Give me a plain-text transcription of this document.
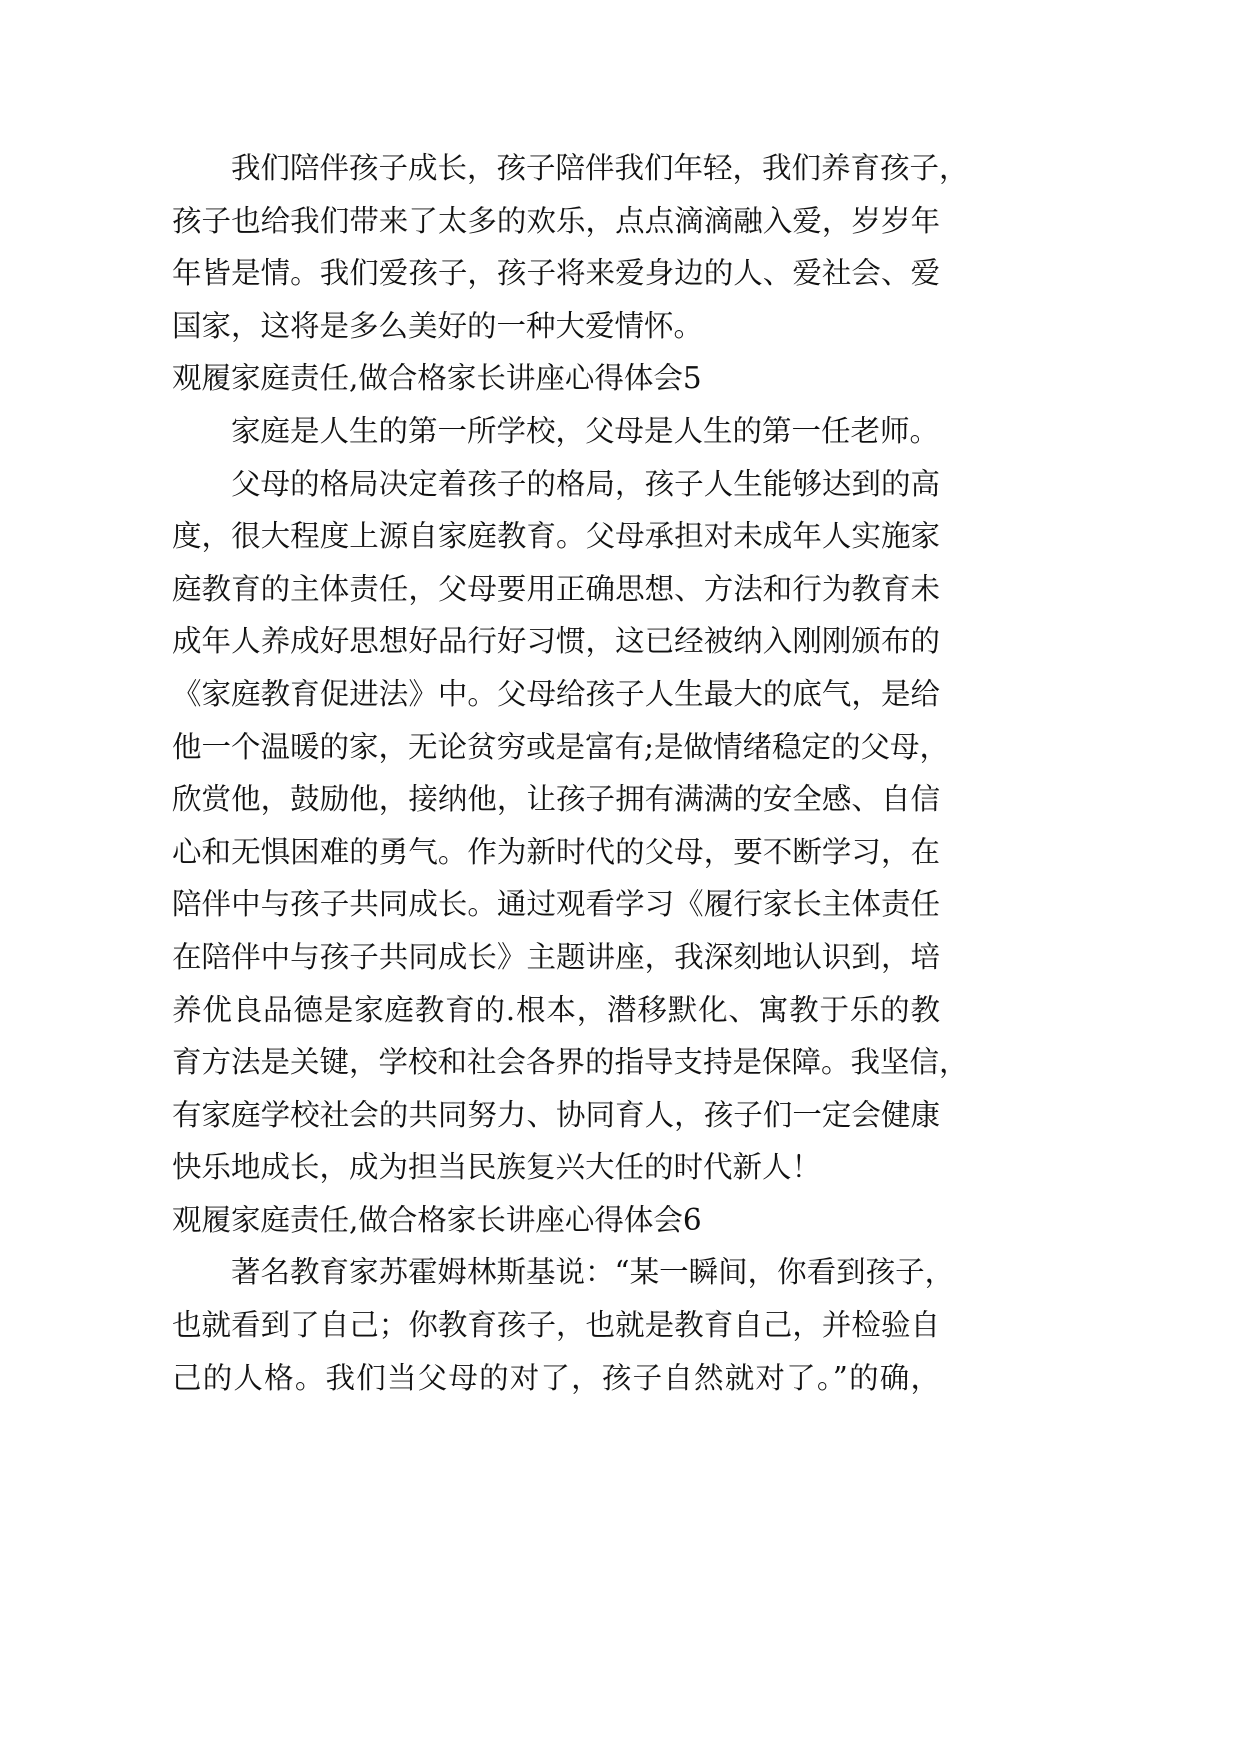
我们陪伴孩子成长，孩子陪伴我们年轻，我们养育孩子，
孩子也给我们带来了太多的欢乐，点点滴滴融入爱，岁岁年
年皆是情。我们爱孩子，孩子将来爱身边的人、爱社会、爱
国家，这将是多么美好的一种大爱情怀。
观履家庭责任,做合格家长讲座心得体会5
家庭是人生的第一所学校，父母是人生的第一任老师。
父母的格局决定着孩子的格局，孩子人生能够达到的高
度，很大程度上源自家庭教育。父母承担对未成年人实施家
庭教育的主体责任，父母要用正确思想、方法和行为教育未
成年人养成好思想好品行好习惯，这已经被纳入刚刚颁布的
《家庭教育促进法》中。父母给孩子人生最大的底气，是给
他一个温暖的家，无论贫穷或是富有;是做情绪稳定的父母，
欣赏他，鼓励他，接纳他，让孩子拥有满满的安全感、自信
心和无惧困难的勇气。作为新时代的父母，要不断学习，在
陪伴中与孩子共同成长。通过观看学习《履行家长主体责任
在陪伴中与孩子共同成长》主题讲座，我深刻地认识到，培
养优良品德是家庭教育的.根本，潜移默化、寓教于乐的教
育方法是关键，学校和社会各界的指导支持是保障。我坚信，
有家庭学校社会的共同努力、协同育人，孩子们一定会健康
快乐地成长，成为担当民族复兴大任的时代新人！
观履家庭责任,做合格家长讲座心得体会6
著名教育家苏霍姆林斯基说：“某一瞬间，你看到孩子，
也就看到了自己；你教育孩子，也就是教育自己，并检验自
己的人格。我们当父母的对了，孩子自然就对了。”的确，
